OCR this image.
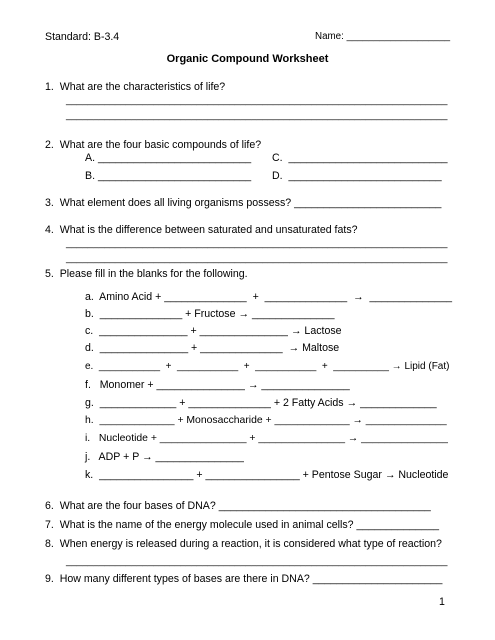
Standard: B-3.4	Name: ___________________
Organic Compound Worksheet
1.  What are the characteristics of life?
______________________________________________________________________
______________________________________________________________________
2.  What are the four basic compounds of life?
A. __________________________ C.  ___________________________
B. __________________________ D.  __________________________
3.  What element does all living organisms possess? _________________________
4.  What is the difference between saturated and unsaturated fats?
______________________________________________________________________
______________________________________________________________________
5.  Please fill in the blanks for the following.
a.  Amino Acid + ______________  +  ______________  →  ______________
b.  ______________ + Fructose → ______________
c.  _______________ + _______________ → Lactose
d.  _______________ + ______________  → Maltose
e.  ___________  +  ___________  +  ___________  +  __________ → Lipid (Fat)
f.   Monomer + _______________ → _______________
g.  _____________ + ______________ + 2 Fatty Acids → _____________
h.  _____________ + Monosaccharide + _____________ → ______________
i.   Nucleotide + _______________ + _______________ → _______________
j.   ADP + P → _______________
k.  ________________ + ________________ + Pentose Sugar → Nucleotide
6.  What are the four bases of DNA? ____________________________________
7.  What is the name of the energy molecule used in animal cells? ______________
8.  When energy is released during a reaction, it is considered what type of reaction?
______________________________________________________________________
9.  How many different types of bases are there in DNA? ______________________
1
